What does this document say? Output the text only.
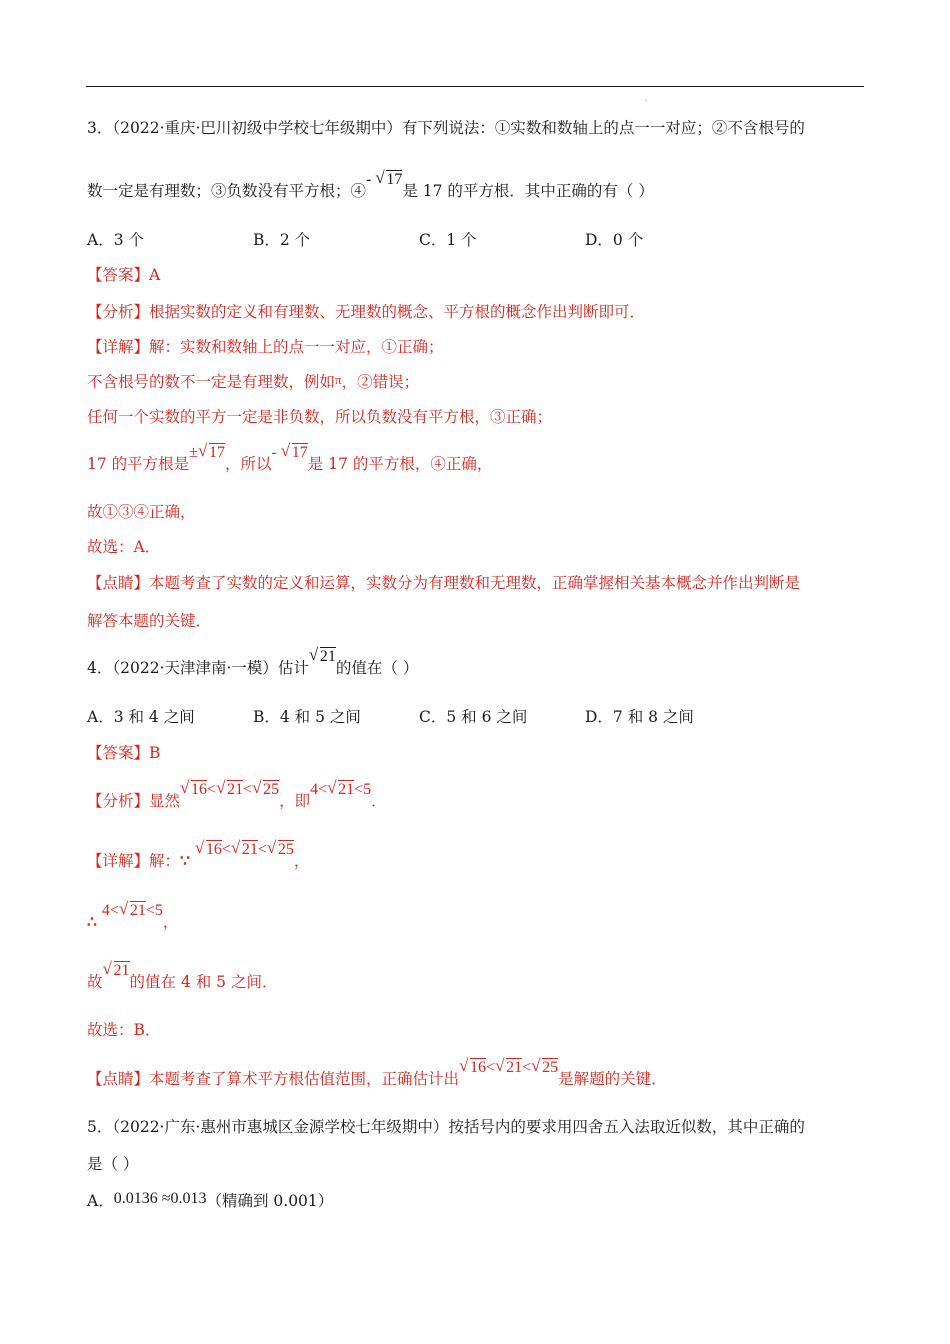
.
3．（2022·重庆·巴川初级中学校七年级期中）有下列说法：①实数和数轴上的点一一对应；②不含根号的
数一定是有理数；③负数没有平方根；④- √ 17是 17 的平方根．其中正确的有（ ）
A．3 个	B．2 个	C．1 个	D．0 个
【答案】A
【分析】根据实数的定义和有理数、无理数的概念、平方根的概念作出判断即可．
【详解】解：实数和数轴上的点一一对应，①正确；
不含根号的数不一定是有理数，例如π，②错误；
任何一个实数的平方一定是非负数，所以负数没有平方根，③正确；
17 的平方根是± √ 17，所以- √ 17是 17 的平方根，④正确，
故①③④正确，
故选：A．
【点睛】本题考查了实数的定义和运算，实数分为有理数和无理数，正确掌握相关基本概念并作出判断是
解答本题的关键．
4．（2022·天津津南·一模）估计√ 21的值在（ ）
A．3 和 4 之间	B．4 和 5 之间	C．5 和 6 之间	D．7 和 8 之间
【答案】B
【分析】显然√ 16< √ 21< √ 25，即4< √ 21<5．
【详解】解：∵ √ 16< √ 21< √ 25，
∴ 4< √ 21<5，
故√ 21的值在 4 和 5 之间．
故选：B．
【点睛】本题考查了算术平方根估值范围，正确估计出√ 16< √ 21< √ 25是解题的关键．
5．（2022·广东·惠州市惠城区金源学校七年级期中）按括号内的要求用四舍五入法取近似数，其中正确的
是（ ）
A．0.0136 ≈0.013（精确到 0.001）
